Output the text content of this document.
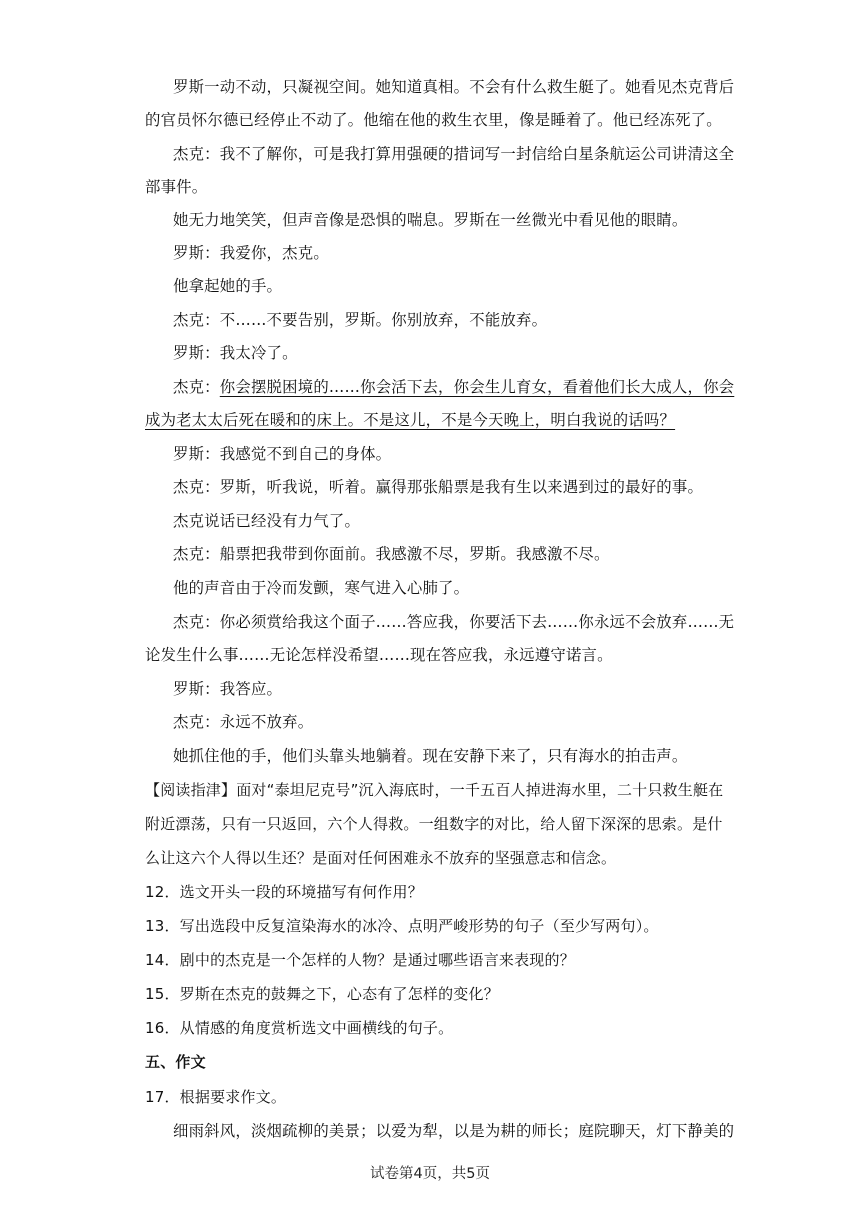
罗斯一动不动，只凝视空间。她知道真相。不会有什么救生艇了。她看见杰克背后
的官员怀尔德已经停止不动了。他缩在他的救生衣里，像是睡着了。他已经冻死了。
杰克：我不了解你，可是我打算用强硬的措词写一封信给白星条航运公司讲清这全
部事件。
她无力地笑笑，但声音像是恐惧的喘息。罗斯在一丝微光中看见他的眼睛。
罗斯：我爱你，杰克。
他拿起她的手。
杰克：不……不要告别，罗斯。你别放弃，不能放弃。
罗斯：我太冷了。
杰克：你会摆脱困境的……你会活下去，你会生儿育女，看着他们长大成人，你会
成为老太太后死在暖和的床上。不是这儿，不是今天晚上，明白我说的话吗？
罗斯：我感觉不到自己的身体。
杰克：罗斯，听我说，听着。赢得那张船票是我有生以来遇到过的最好的事。
杰克说话已经没有力气了。
杰克：船票把我带到你面前。我感激不尽，罗斯。我感激不尽。
他的声音由于冷而发颤，寒气进入心肺了。
杰克：你必须赏给我这个面子……答应我，你要活下去……你永远不会放弃……无
论发生什么事……无论怎样没希望……现在答应我，永远遵守诺言。
罗斯：我答应。
杰克：永远不放弃。
她抓住他的手，他们头靠头地躺着。现在安静下来了，只有海水的拍击声。
【阅读指津】面对“泰坦尼克号”沉入海底时，一千五百人掉进海水里，二十只救生艇在
附近漂荡，只有一只返回，六个人得救。一组数字的对比，给人留下深深的思索。是什
么让这六个人得以生还？是面对任何困难永不放弃的坚强意志和信念。
12．选文开头一段的环境描写有何作用？
13．写出选段中反复渲染海水的冰冷、点明严峻形势的句子（至少写两句）。
14．剧中的杰克是一个怎样的人物？是通过哪些语言来表现的？
15．罗斯在杰克的鼓舞之下，心态有了怎样的变化？
16．从情感的角度赏析选文中画横线的句子。
五、作文
17．根据要求作文。
细雨斜风，淡烟疏柳的美景；以爱为犁，以是为耕的师长；庭院聊天，灯下静美的
试卷第4页，共5页
